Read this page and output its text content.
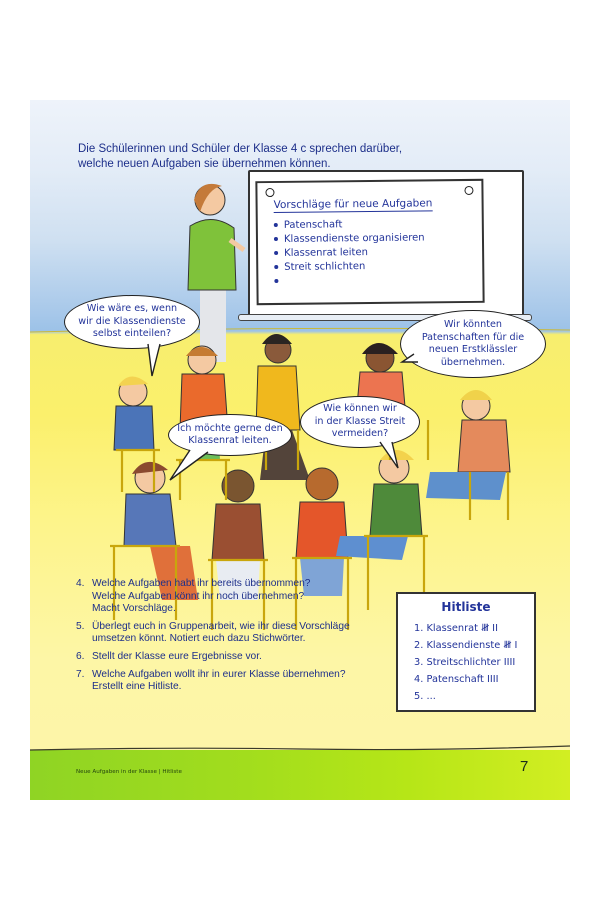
Die Schülerinnen und Schüler der Klasse 4 c sprechen darüber,
welche neuen Aufgaben sie übernehmen können.
Vorschläge für neue Aufgaben
Patenschaft
Klassendienste organisieren
Klassenrat leiten
Streit schlichten
Wie wäre es, wenn
wir die Klassendienste
selbst einteilen?
Wir könnten
Patenschaften für die
neuen Erstklässler
übernehmen.
Ich möchte gerne den
Klassenrat leiten.
Wie können wir
in der Klasse Streit
vermeiden?
4. Welche Aufgaben habt ihr bereits übernommen?
Welche Aufgaben könnt ihr noch übernehmen?
Macht Vorschläge.
5. Überlegt euch in Gruppenarbeit, wie ihr diese Vorschläge
umsetzen könnt. Notiert euch dazu Stichwörter.
6. Stellt der Klasse eure Ergebnisse vor.
7. Welche Aufgaben wollt ihr in eurer Klasse übernehmen?
Erstellt eine Hitliste.
Hitliste
1. Klassenrat 𝍸 II
2. Klassendienste 𝍸 I
3. Streitschlichter IIII
4. Patenschaft IIII
5. ...
Neue Aufgaben in der Klasse | Hitliste	7
